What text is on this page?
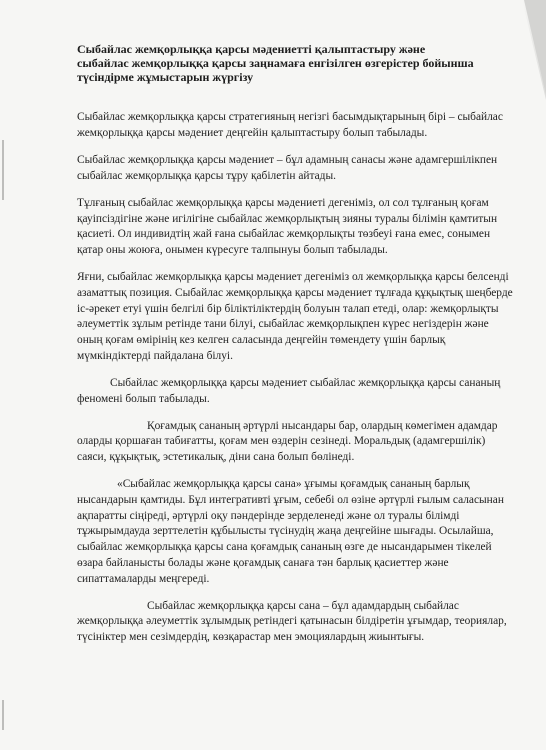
Сыбайлас жемқорлыққа қарсы мәдениетті қалыптастыру және сыбайлас жемқорлыққа қарсы заңнамаға енгізілген өзгерістер бойынша түсіндірме жұмыстарын жүргізу

Сыбайлас жемқорлыққа қарсы стратегияның негізгі басымдықтарының бірі – сыбайлас жемқорлыққа қарсы мәдениет деңгейін қалыптастыру болып табылады.

Сыбайлас жемқорлыққа қарсы мәдениет – бұл адамның санасы және адамгершілікпен сыбайлас жемқорлыққа қарсы тұру қабілетін айтады.

Тұлғаның сыбайлас жемқорлыққа қарсы мәдениеті дегеніміз, ол сол тұлғаның қоғам қауіпсіздігіне және игілігіне сыбайлас жемқорлықтың зияны туралы білімін қамтитын қасиеті. Ол индивидтің жай ғана сыбайлас жемқорлықты төзбеуі ғана емес, сонымен қатар оны жоюға, онымен күресуге талпынуы болып табылады.

Яғни, сыбайлас жемқорлыққа қарсы мәдениет дегеніміз ол жемқорлыққа қарсы белсенді азаматтық позиция. Сыбайлас жемқорлыққа қарсы мәдениет тұлғада құқықтық шеңберде іс-әрекет етуі үшін белгілі бір біліктіліктердің болуын талап етеді, олар: жемқорлықты әлеуметтік зұлым ретінде тани білуі, сыбайлас жемқорлықпен күрес негіздерін және оның қоғам өмірінің кез келген саласында деңгейін төмендету үшін барлық мүмкіндіктерді пайдалана білуі.

Сыбайлас жемқорлыққа қарсы мәдениет сыбайлас жемқорлыққа қарсы сананың феномені болып табылады.

Қоғамдық сананың әртүрлі нысандары бар, олардың көмегімен адамдар оларды қоршаған табиғатты, қоғам мен өздерін сезінеді. Моральдық (адамгершілік) саяси, құқықтық, эстетикалық, діни сана болып бөлінеді.

«Сыбайлас жемқорлыққа қарсы сана» ұғымы қоғамдық сананың барлық нысандарын қамтиды. Бұл интегративті ұғым, себебі ол өзіне әртүрлі ғылым саласынан ақпаратты сіңіреді, әртүрлі оқу пәндерінде зерделенеді және ол туралы білімді тұжырымдауда зерттелетін құбылысты түсінудің жаңа деңгейіне шығады. Осылайша, сыбайлас жемқорлыққа қарсы сана қоғамдық сананың өзге де нысандарымен тікелей өзара байланысты болады және қоғамдық санаға тән барлық қасиеттер және сипаттамаларды меңгереді.

Сыбайлас жемқорлыққа қарсы сана – бұл адамдардың сыбайлас жемқорлыққа әлеуметтік зұлымдық ретіндегі қатынасын білдіретін ұғымдар, теориялар, түсініктер мен сезімдердің, көзқарастар мен эмоциялардың жиынтығы.
